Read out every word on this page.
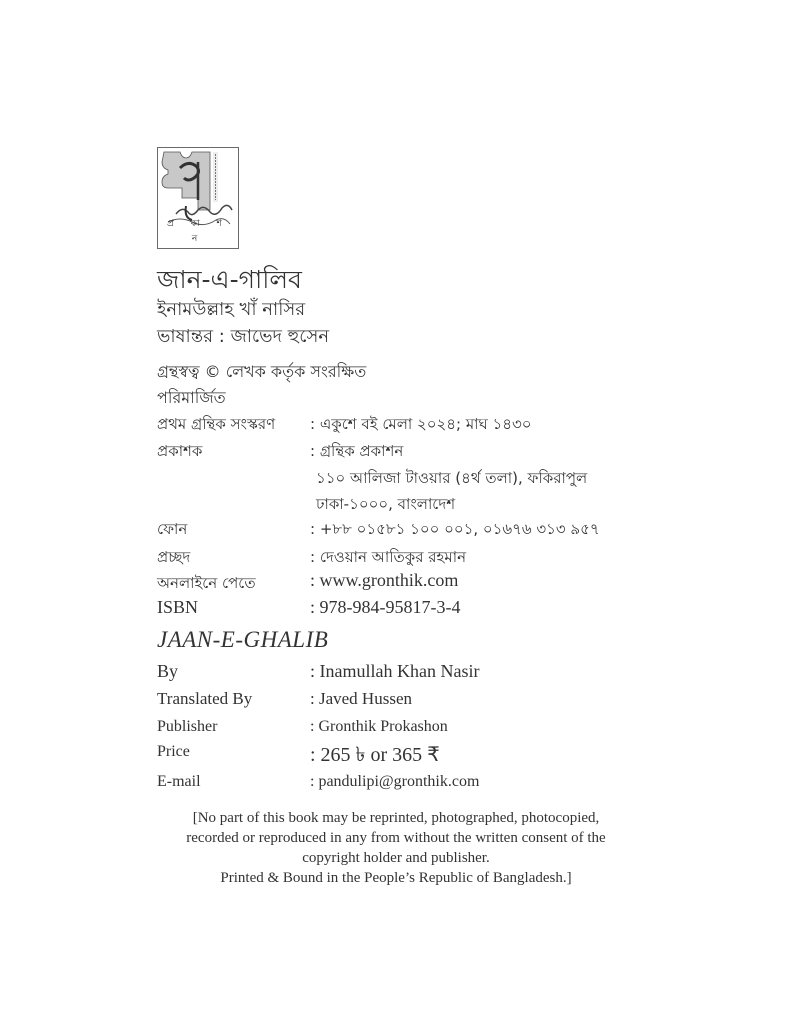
প্র কা শ ন
জান-এ-গালিব
ইনামউল্লাহ খাঁ নাসির
ভাষান্তর : জাভেদ হুসেন
গ্রন্থস্বত্ব © লেখক কর্তৃক সংরক্ষিত
পরিমার্জিত
প্রথম গ্রন্থিক সংস্করণ : একুশে বই মেলা ২০২৪; মাঘ ১৪৩০
প্রকাশক	: গ্রন্থিক প্রকাশন
১১০ আলিজা টাওয়ার (৪র্থ তলা), ফকিরাপুল
ঢাকা-১০০০, বাংলাদেশ
ফোন	: +৮৮ ০১৫৮১ ১০০ ০০১, ০১৬৭৬ ৩১৩ ৯৫৭
প্রচ্ছদ	: দেওয়ান আতিকুর রহমান
অনলাইনে পেতে	: www.gronthik.com
ISBN	: 978-984-95817-3-4
JAAN-E-GHALIB
By	: Inamullah Khan Nasir
Translated By	: Javed Hussen
Publisher	: Gronthik Prokashon
Price	: 265 ৳ or 365 ₹
E-mail	: pandulipi@gronthik.com
[No part of this book may be reprinted, photographed, photocopied,
recorded or reproduced in any from without the written consent of the
copyright holder and publisher.
Printed & Bound in the People’s Republic of Bangladesh.]
